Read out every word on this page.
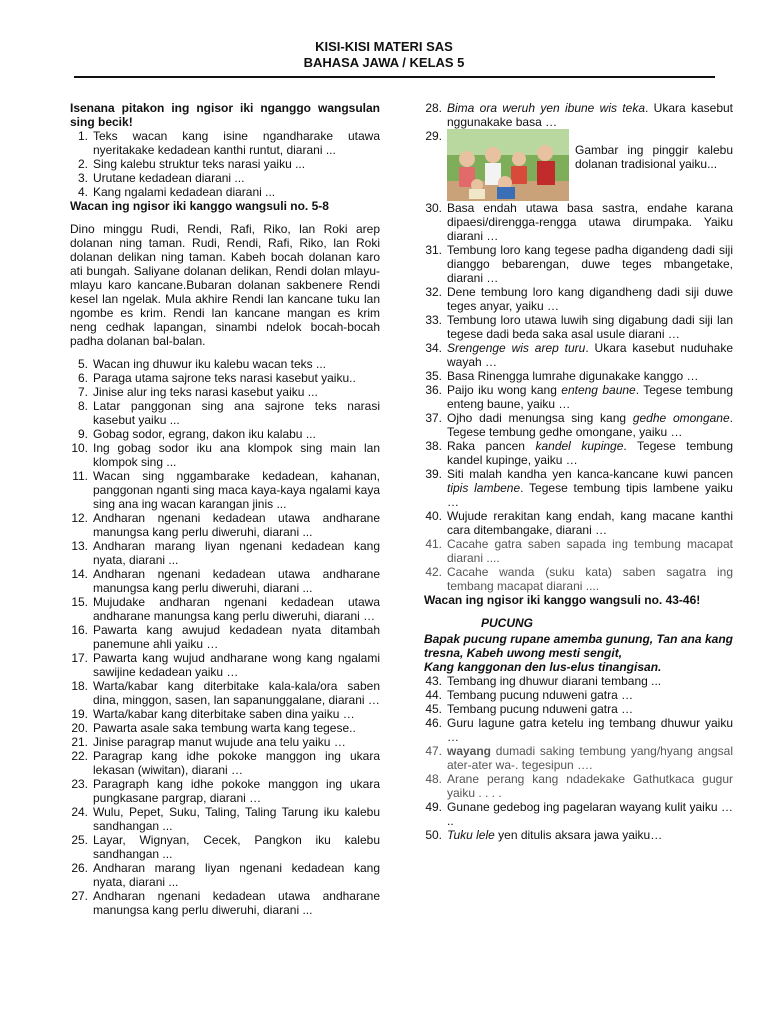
KISI-KISI MATERI SAS
BAHASA JAWA / KELAS 5
Isenana pitakon ing ngisor iki nganggo wangsulan sing becik!
1. Teks wacan kang isine ngandharake utawa nyeritakake kedadean kanthi runtut, diarani ...
2. Sing kalebu struktur teks narasi yaiku ...
3. Urutane kedadean diarani ...
4. Kang ngalami kedadean diarani ...
Wacan ing ngisor iki kanggo wangsuli no. 5-8
Dino minggu Rudi, Rendi, Rafi, Riko, lan Roki arep dolanan ning taman. Rudi, Rendi, Rafi, Riko, lan Roki dolanan delikan ning taman. Kabeh bocah dolanan karo ati bungah. Saliyane dolanan delikan, Rendi dolan mlayu-mlayu karo kancane.Bubaran dolanan sakbenere Rendi kesel lan ngelak. Mula akhire Rendi lan kancane tuku lan ngombe es krim. Rendi lan kancane mangan es krim neng cedhak lapangan, sinambi ndelok bocah-bocah padha dolanan bal-balan.
5. Wacan ing dhuwur iku kalebu wacan teks ...
6. Paraga utama sajrone teks narasi kasebut yaiku..
7. Jinise alur ing teks narasi kasebut yaiku ...
8. Latar panggonan sing ana sajrone teks narasi kasebut yaiku ...
9. Gobag sodor, egrang, dakon iku kalabu ...
10. Ing gobag sodor iku ana klompok sing main lan klompok sing ...
11. Wacan sing nggambarake kedadean, kahanan, panggonan nganti sing maca kaya-kaya ngalami kaya sing ana ing wacan karangan jinis ...
12. Andharan ngenani kedadean utawa andharane manungsa kang perlu diweruhi, diarani ...
13. Andharan marang liyan ngenani kedadean kang nyata, diarani ...
14. Andharan ngenani kedadean utawa andharane manungsa kang perlu diweruhi, diarani ...
15. Mujudake andharan ngenani kedadean utawa andharane manungsa kang perlu diweruhi, diarani …
16. Pawarta kang awujud kedadean nyata ditambah panemune ahli yaiku …
17. Pawarta kang wujud andharane wong kang ngalami sawijine kedadean yaiku …
18. Warta/kabar kang diterbitake kala-kala/ora saben dina, minggon, sasen, lan sapanunggalane, diarani …
19. Warta/kabar kang diterbitake saben dina yaiku …
20. Pawarta asale saka tembung warta kang tegese..
21. Jinise paragrap manut wujude ana telu yaiku …
22. Paragrap kang idhe pokoke manggon ing ukara lekasan (wiwitan), diarani …
23. Paragraph kang idhe pokoke manggon ing ukara pungkasane pargrap, diarani …
24. Wulu, Pepet, Suku, Taling, Taling Tarung iku kalebu sandhangan ...
25. Layar, Wignyan, Cecek, Pangkon iku kalebu sandhangan ...
26. Andharan marang liyan ngenani kedadean kang nyata, diarani ...
27. Andharan ngenani kedadean utawa andharane manungsa kang perlu diweruhi, diarani ...
28. Bima ora weruh yen ibune wis teka. Ukara kasebut nggunakake basa …
29.
Gambar ing pinggir kalebu dolanan tradisional yaiku...
30. Basa endah utawa basa sastra, endahe karana dipaesi/direngga-rengga utawa dirumpaka. Yaiku diarani …
31. Tembung loro kang tegese padha digandeng dadi siji dianggo bebarengan, duwe teges mbangetake, diarani …
32. Dene tembung loro kang digandheng dadi siji duwe teges anyar, yaiku …
33. Tembung loro utawa luwih sing digabung dadi siji lan tegese dadi beda saka asal usule diarani …
34. Srengenge wis arep turu. Ukara kasebut nuduhake wayah …
35. Basa Rinengga lumrahe digunakake kanggo …
36. Paijo iku wong kang enteng baune. Tegese tembung enteng baune, yaiku …
37. Ojho dadi menungsa sing kang gedhe omongane. Tegese tembung gedhe omongane, yaiku …
38. Raka pancen kandel kupinge. Tegese tembung kandel kupinge, yaiku …
39. Siti malah kandha yen kanca-kancane kuwi pancen tipis lambene. Tegese tembung tipis lambene yaiku …
40. Wujude rerakitan kang endah, kang macane kanthi cara ditembangake, diarani …
41. Cacahe gatra saben sapada ing tembung macapat diarani ....
42. Cacahe wanda (suku kata) saben sagatra ing tembang macapat diarani ....
Wacan ing ngisor iki kanggo wangsuli no. 43-46!
PUCUNG
Bapak pucung rupane amemba gunung, Tan ana kang tresna, Kabeh uwong mesti sengit,
Kang kanggonan den lus-elus tinangisan.
43. Tembang ing dhuwur diarani tembang ...
44. Tembang pucung nduweni gatra …
45. Tembang pucung nduweni gatra …
46. Guru lagune gatra ketelu ing tembang dhuwur yaiku …
47. wayang dumadi saking tembung yang/hyang angsal ater-ater wa-. tegesipun ….
48. Arane perang kang ndadekake Gathutkaca gugur yaiku . . . .
49. Gunane gedebog ing pagelaran wayang kulit yaiku … ..
50. Tuku lele yen ditulis aksara jawa yaiku…
